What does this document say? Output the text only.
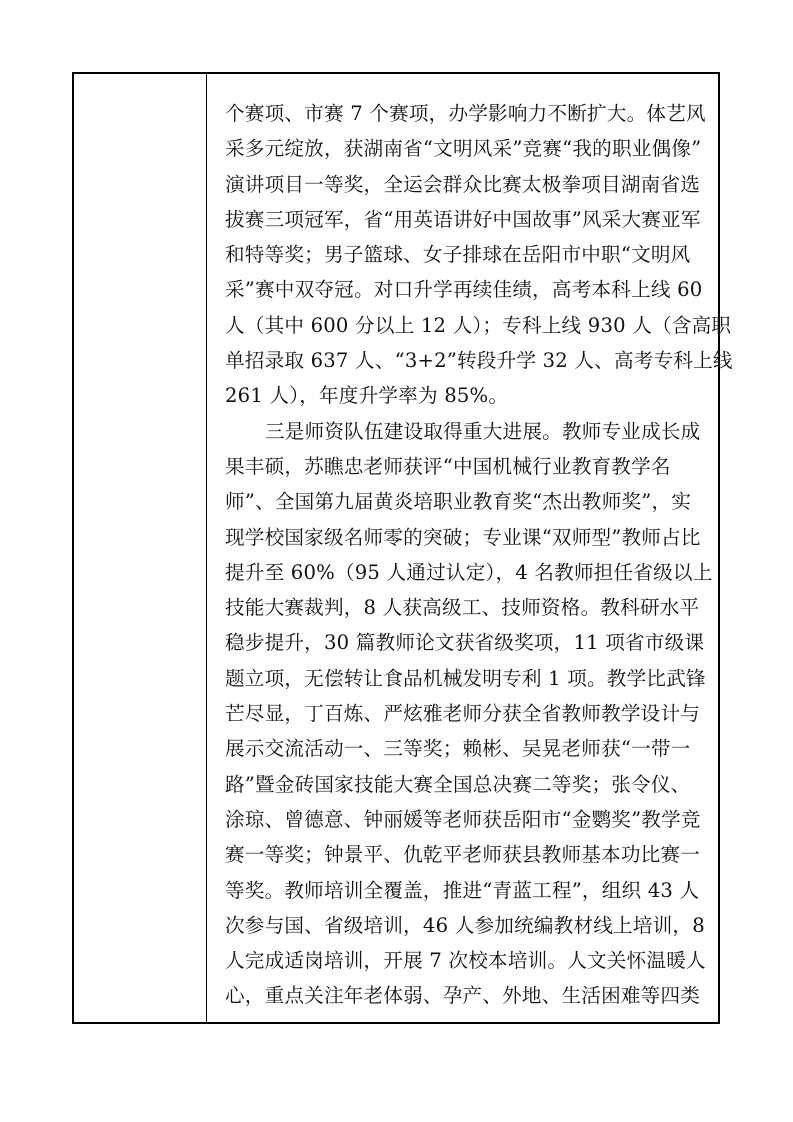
个赛项、市赛 7 个赛项，办学影响力不断扩大。体艺风
采多元绽放，获湖南省“文明风采”竞赛“我的职业偶像”
演讲项目一等奖，全运会群众比赛太极拳项目湖南省选
拔赛三项冠军，省“用英语讲好中国故事”风采大赛亚军
和特等奖；男子篮球、女子排球在岳阳市中职“文明风
采”赛中双夺冠。对口升学再续佳绩，高考本科上线 60
人（其中 600 分以上 12 人）；专科上线 930 人（含高职
单招录取 637 人、“3+2”转段升学 32 人、高考专科上线
261 人），年度升学率为 85%。

三是师资队伍建设取得重大进展。教师专业成长成
果丰硕，苏瞧忠老师获评“中国机械行业教育教学名
师”、全国第九届黄炎培职业教育奖“杰出教师奖”，实
现学校国家级名师零的突破；专业课“双师型”教师占比
提升至 60%（95 人通过认定），4 名教师担任省级以上
技能大赛裁判，8 人获高级工、技师资格。教科研水平
稳步提升，30 篇教师论文获省级奖项，11 项省市级课
题立项，无偿转让食品机械发明专利 1 项。教学比武锋
芒尽显，丁百炼、严炫雅老师分获全省教师教学设计与
展示交流活动一、三等奖；赖彬、吴晃老师获“一带一
路”暨金砖国家技能大赛全国总决赛二等奖；张令仪、
涂琼、曾德意、钟丽媛等老师获岳阳市“金鹦奖”教学竞
赛一等奖；钟景平、仇乾平老师获县教师基本功比赛一
等奖。教师培训全覆盖，推进“青蓝工程”，组织 43 人
次参与国、省级培训，46 人参加统编教材线上培训，8
人完成适岗培训，开展 7 次校本培训。人文关怀温暖人
心，重点关注年老体弱、孕产、外地、生活困难等四类
